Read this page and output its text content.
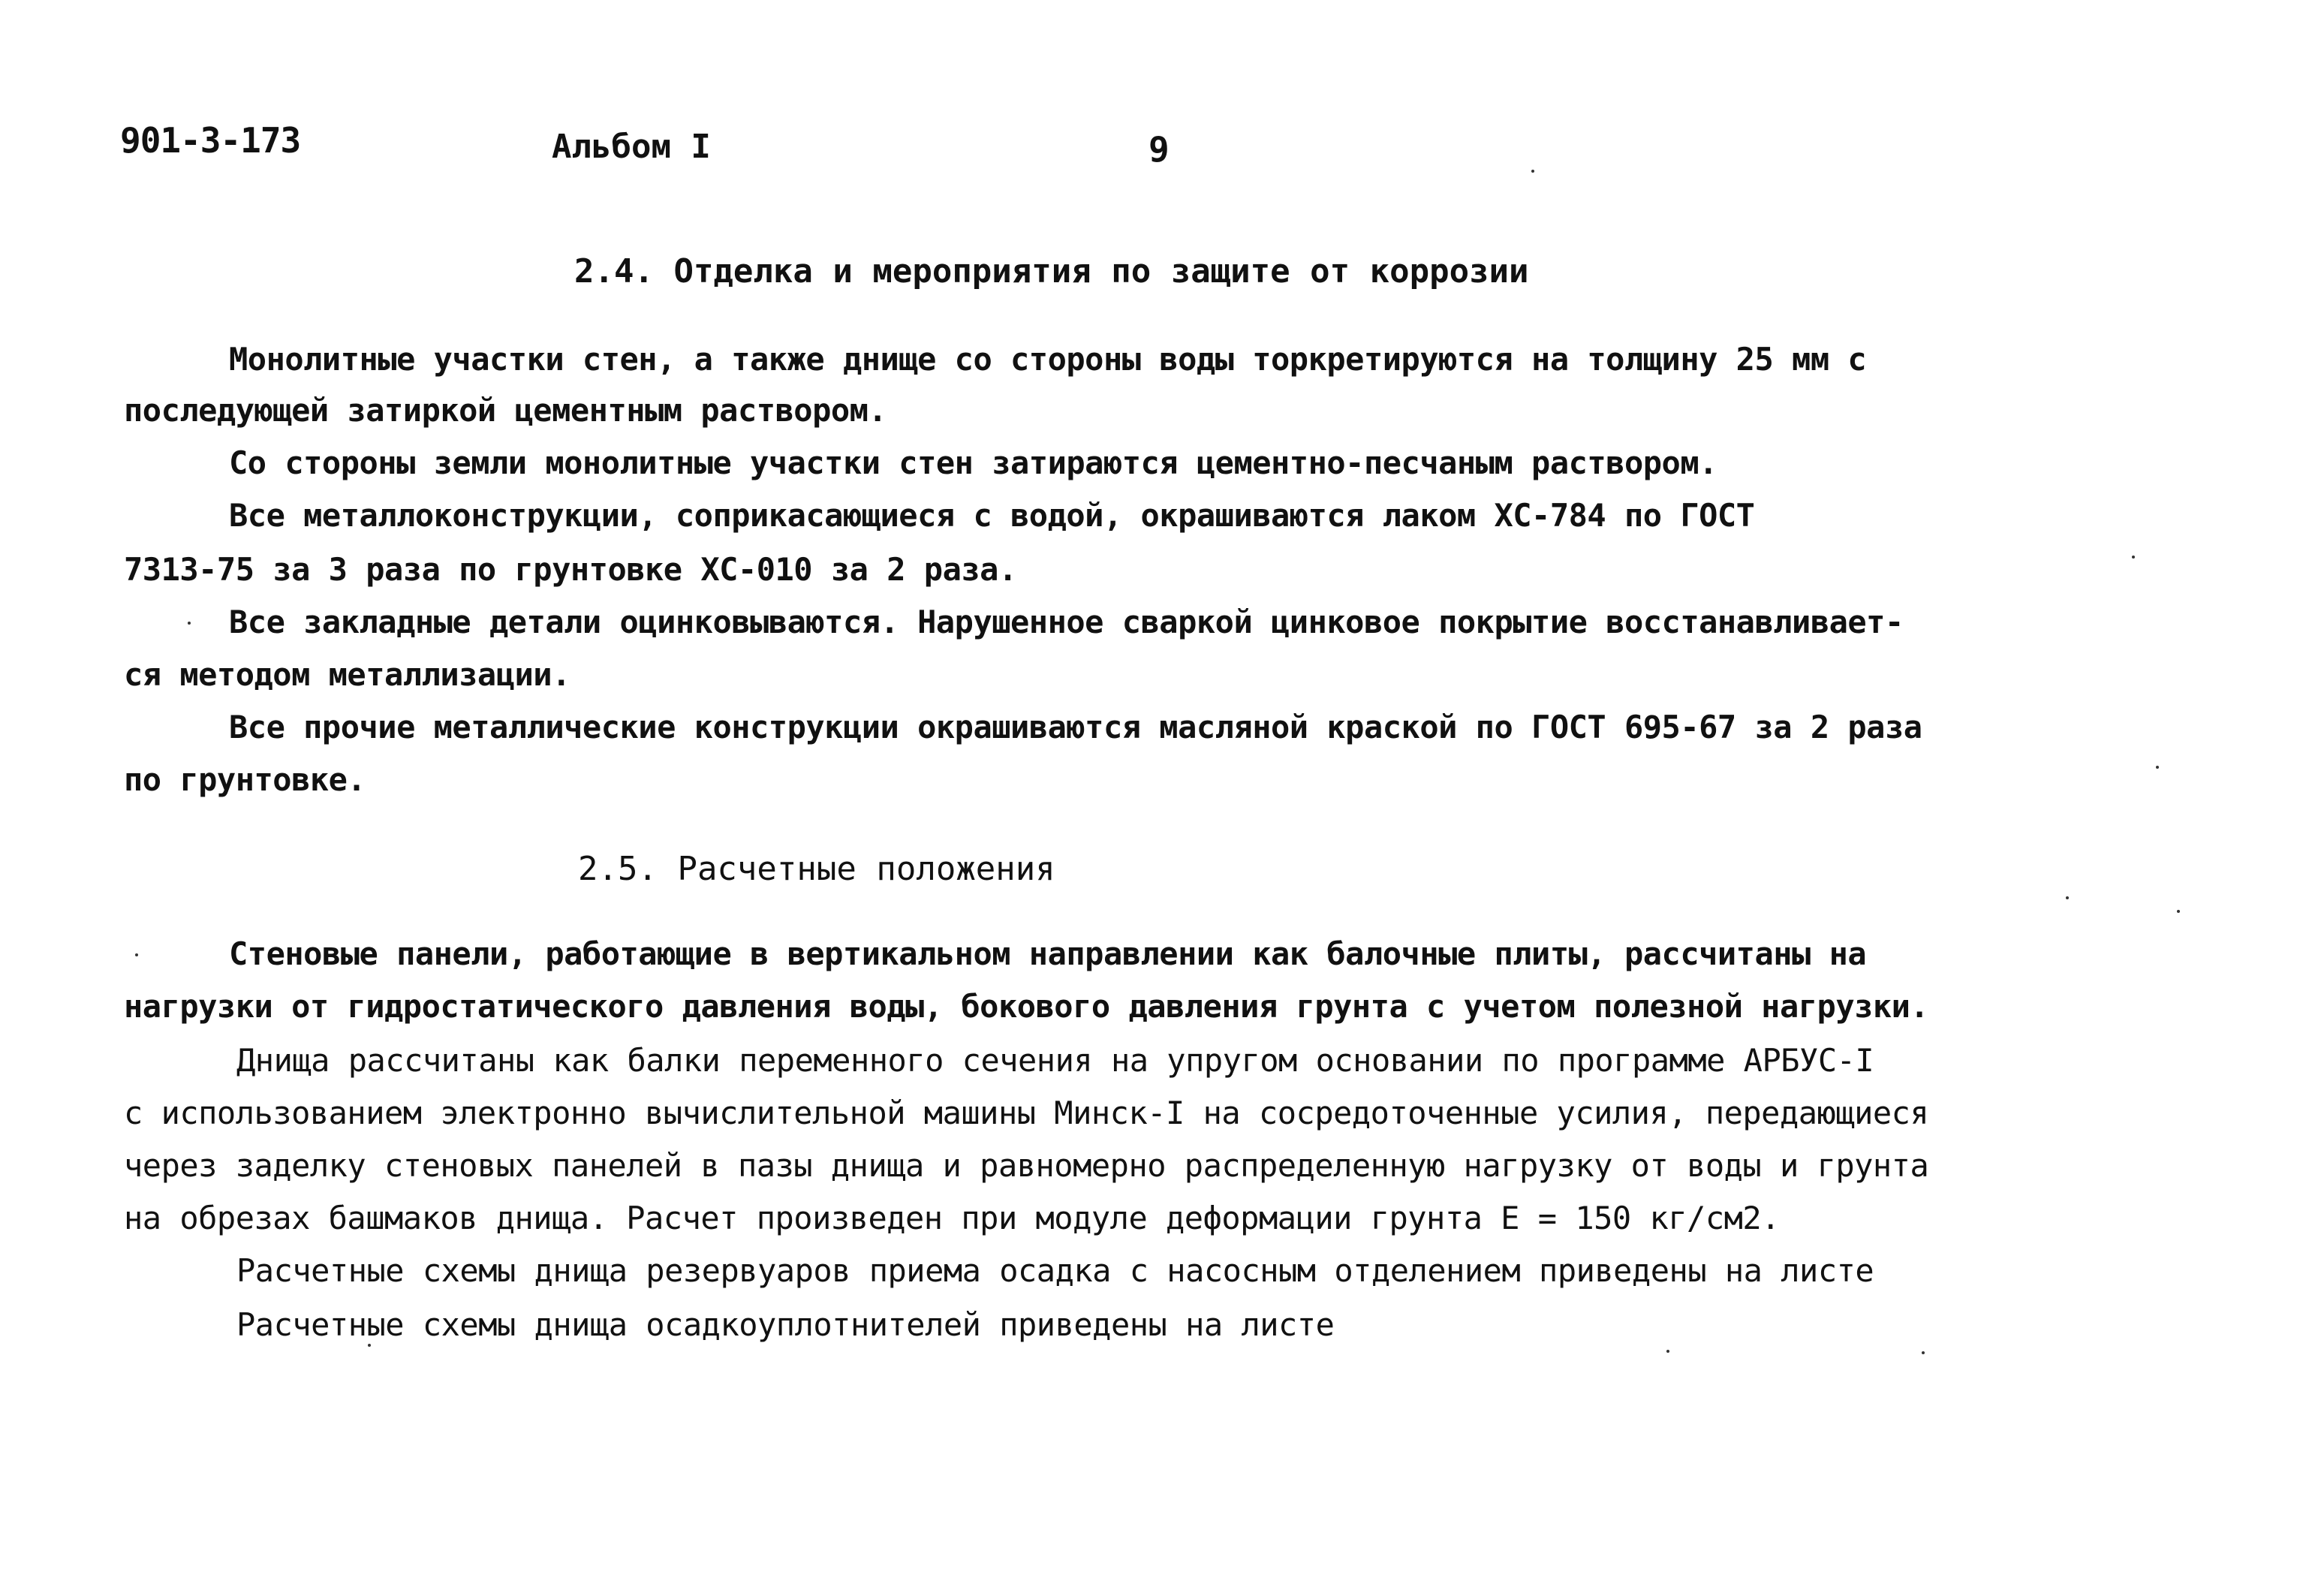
901-3-173	Альбом I	9
2.4. Отделка и мероприятия по защите от коррозии
Монолитные участки стен, а также днище со стороны воды торкретируются на толщину 25 мм с
последующей затиркой цементным раствором.
Со стороны земли монолитные участки стен затираются цементно-песчаным раствором.
Все металлоконструкции, соприкасающиеся с водой, окрашиваются лаком ХС-784 по ГОСТ
7313-75 за 3 раза по грунтовке ХС-010 за 2 раза.
Все закладные детали оцинковываются. Нарушенное сваркой цинковое покрытие восстанавливает-
ся методом металлизации.
Все прочие металлические конструкции окрашиваются масляной краской по ГОСТ 695-67 за 2 раза
по грунтовке.
2.5. Расчетные положения
Стеновые панели, работающие в вертикальном направлении как балочные плиты, рассчитаны на
нагрузки от гидростатического давления воды, бокового давления грунта с учетом полезной нагрузки.
Днища рассчитаны как балки переменного сечения на упругом основании по программе АРБУС-I
с использованием электронно вычислительной машины Минск-I на сосредоточенные усилия, передающиеся
через заделку стеновых панелей в пазы днища и равномерно распределенную нагрузку от воды и грунта
на обрезах башмаков днища. Расчет произведен при модуле деформации грунта Е = 150 кг/см2.
Расчетные схемы днища резервуаров приема осадка с насосным отделением приведены на листе
Расчетные схемы днища осадкоуплотнителей приведены на листе
